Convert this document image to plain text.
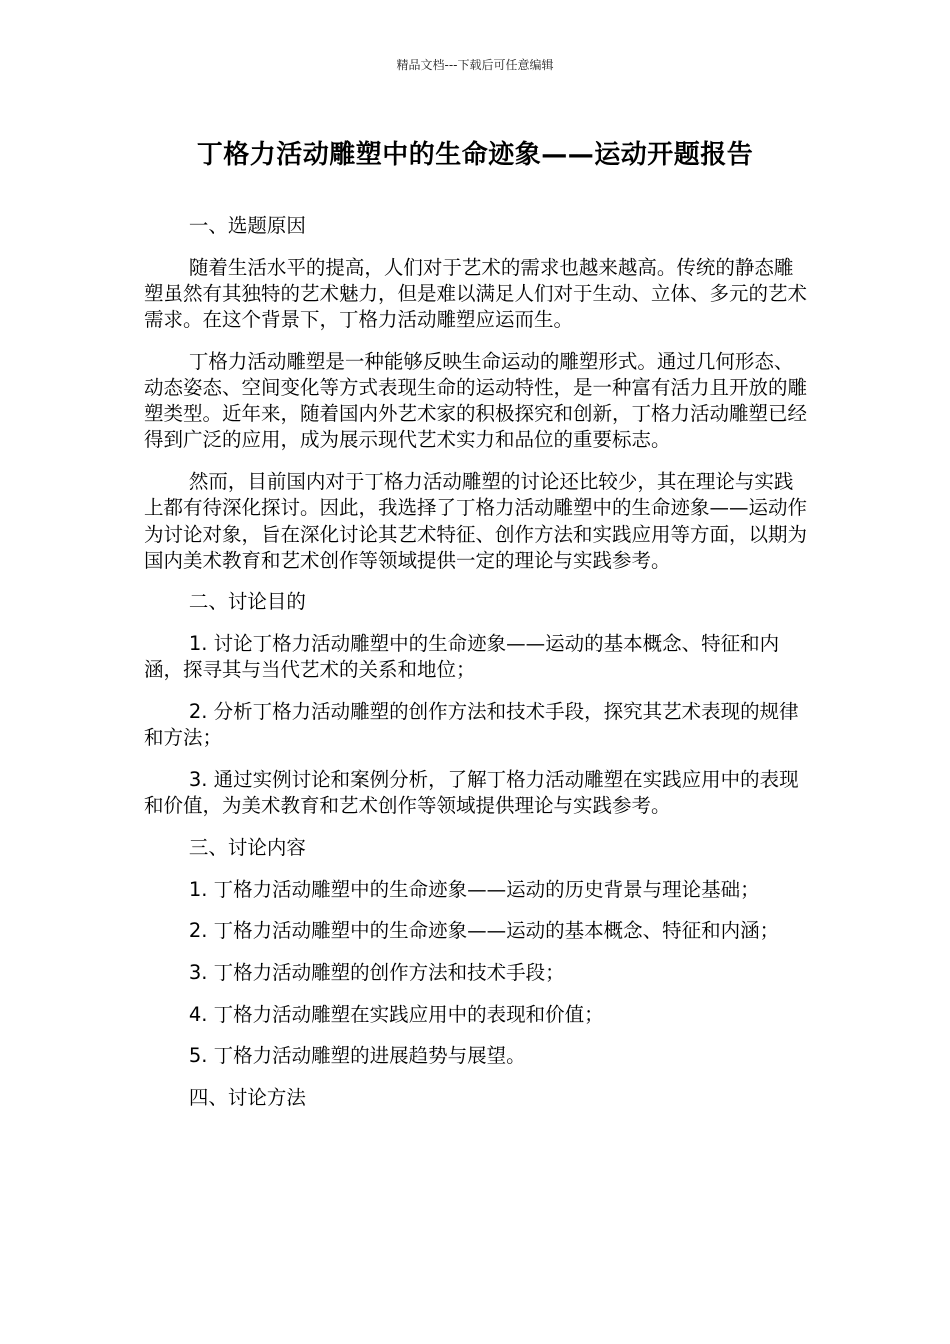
精品文档---下载后可任意编辑
丁格力活动雕塑中的生命迹象——运动开题报告

一、选题原因

随着生活水平的提高，人们对于艺术的需求也越来越高。传统的静态雕塑虽然有其独特的艺术魅力，但是难以满足人们对于生动、立体、多元的艺术需求。在这个背景下，丁格力活动雕塑应运而生。

丁格力活动雕塑是一种能够反映生命运动的雕塑形式。通过几何形态、动态姿态、空间变化等方式表现生命的运动特性，是一种富有活力且开放的雕塑类型。近年来，随着国内外艺术家的积极探究和创新，丁格力活动雕塑已经得到广泛的应用，成为展示现代艺术实力和品位的重要标志。

然而，目前国内对于丁格力活动雕塑的讨论还比较少，其在理论与实践上都有待深化探讨。因此，我选择了丁格力活动雕塑中的生命迹象——运动作为讨论对象，旨在深化讨论其艺术特征、创作方法和实践应用等方面，以期为国内美术教育和艺术创作等领域提供一定的理论与实践参考。

二、讨论目的

1. 讨论丁格力活动雕塑中的生命迹象——运动的基本概念、特征和内涵，探寻其与当代艺术的关系和地位；

2. 分析丁格力活动雕塑的创作方法和技术手段，探究其艺术表现的规律和方法；

3. 通过实例讨论和案例分析，了解丁格力活动雕塑在实践应用中的表现和价值，为美术教育和艺术创作等领域提供理论与实践参考。

三、讨论内容

1. 丁格力活动雕塑中的生命迹象——运动的历史背景与理论基础；

2. 丁格力活动雕塑中的生命迹象——运动的基本概念、特征和内涵；

3. 丁格力活动雕塑的创作方法和技术手段；

4. 丁格力活动雕塑在实践应用中的表现和价值；

5. 丁格力活动雕塑的进展趋势与展望。

四、讨论方法
